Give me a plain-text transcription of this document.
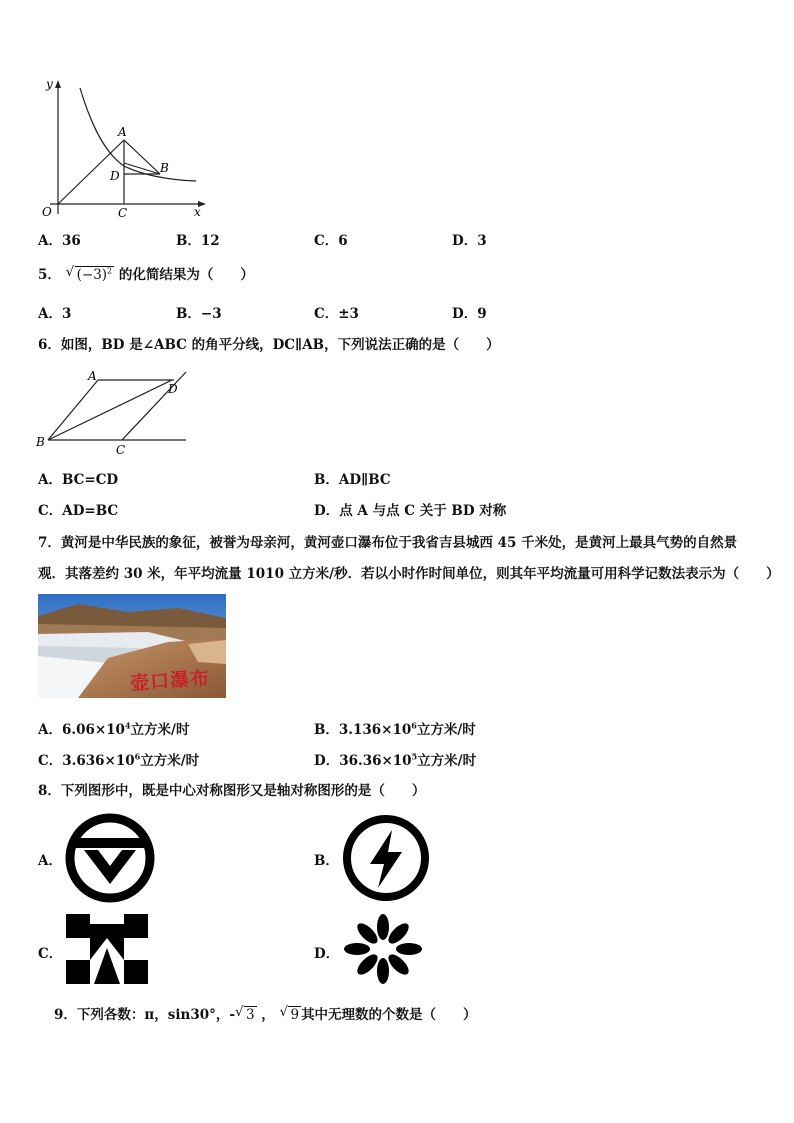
y
x
O
A
B
C
D
A．36	B．12	C．6	D．3
5． √ $(-3)^2$ 的化简结果为（　　）
A．3	B．−3	C．±3	D．9
6．如图，BD 是∠ABC 的角平分线，DC∥AB，下列说法正确的是（　　）
A
B
C
D
A．BC=CD	B．AD∥BC
C．AD=BC	D．点 A 与点 C 关于 BD 对称
7．黄河是中华民族的象征，被誉为母亲河，黄河壶口瀑布位于我省吉县城西 45 千米处，是黄河上最具气势的自然景
观．其落差约 30 米，年平均流量 1010 立方米/秒．若以小时作时间单位，则其年平均流量可用科学记数法表示为（　　）
壶口瀑布
A．$6.06\times 10^4$立方米/时	B．$3.136\times 10^6$立方米/时
C．$3.636\times 10^6$立方米/时	D．$36.36\times 10^5$立方米/时
8．下列图形中，既是中心对称图形又是轴对称图形的是（　　）
A．	B．
C．	D．
9．下列各数：π，sin30°，- √ 3 ， √ 9 其中无理数的个数是（　　）
